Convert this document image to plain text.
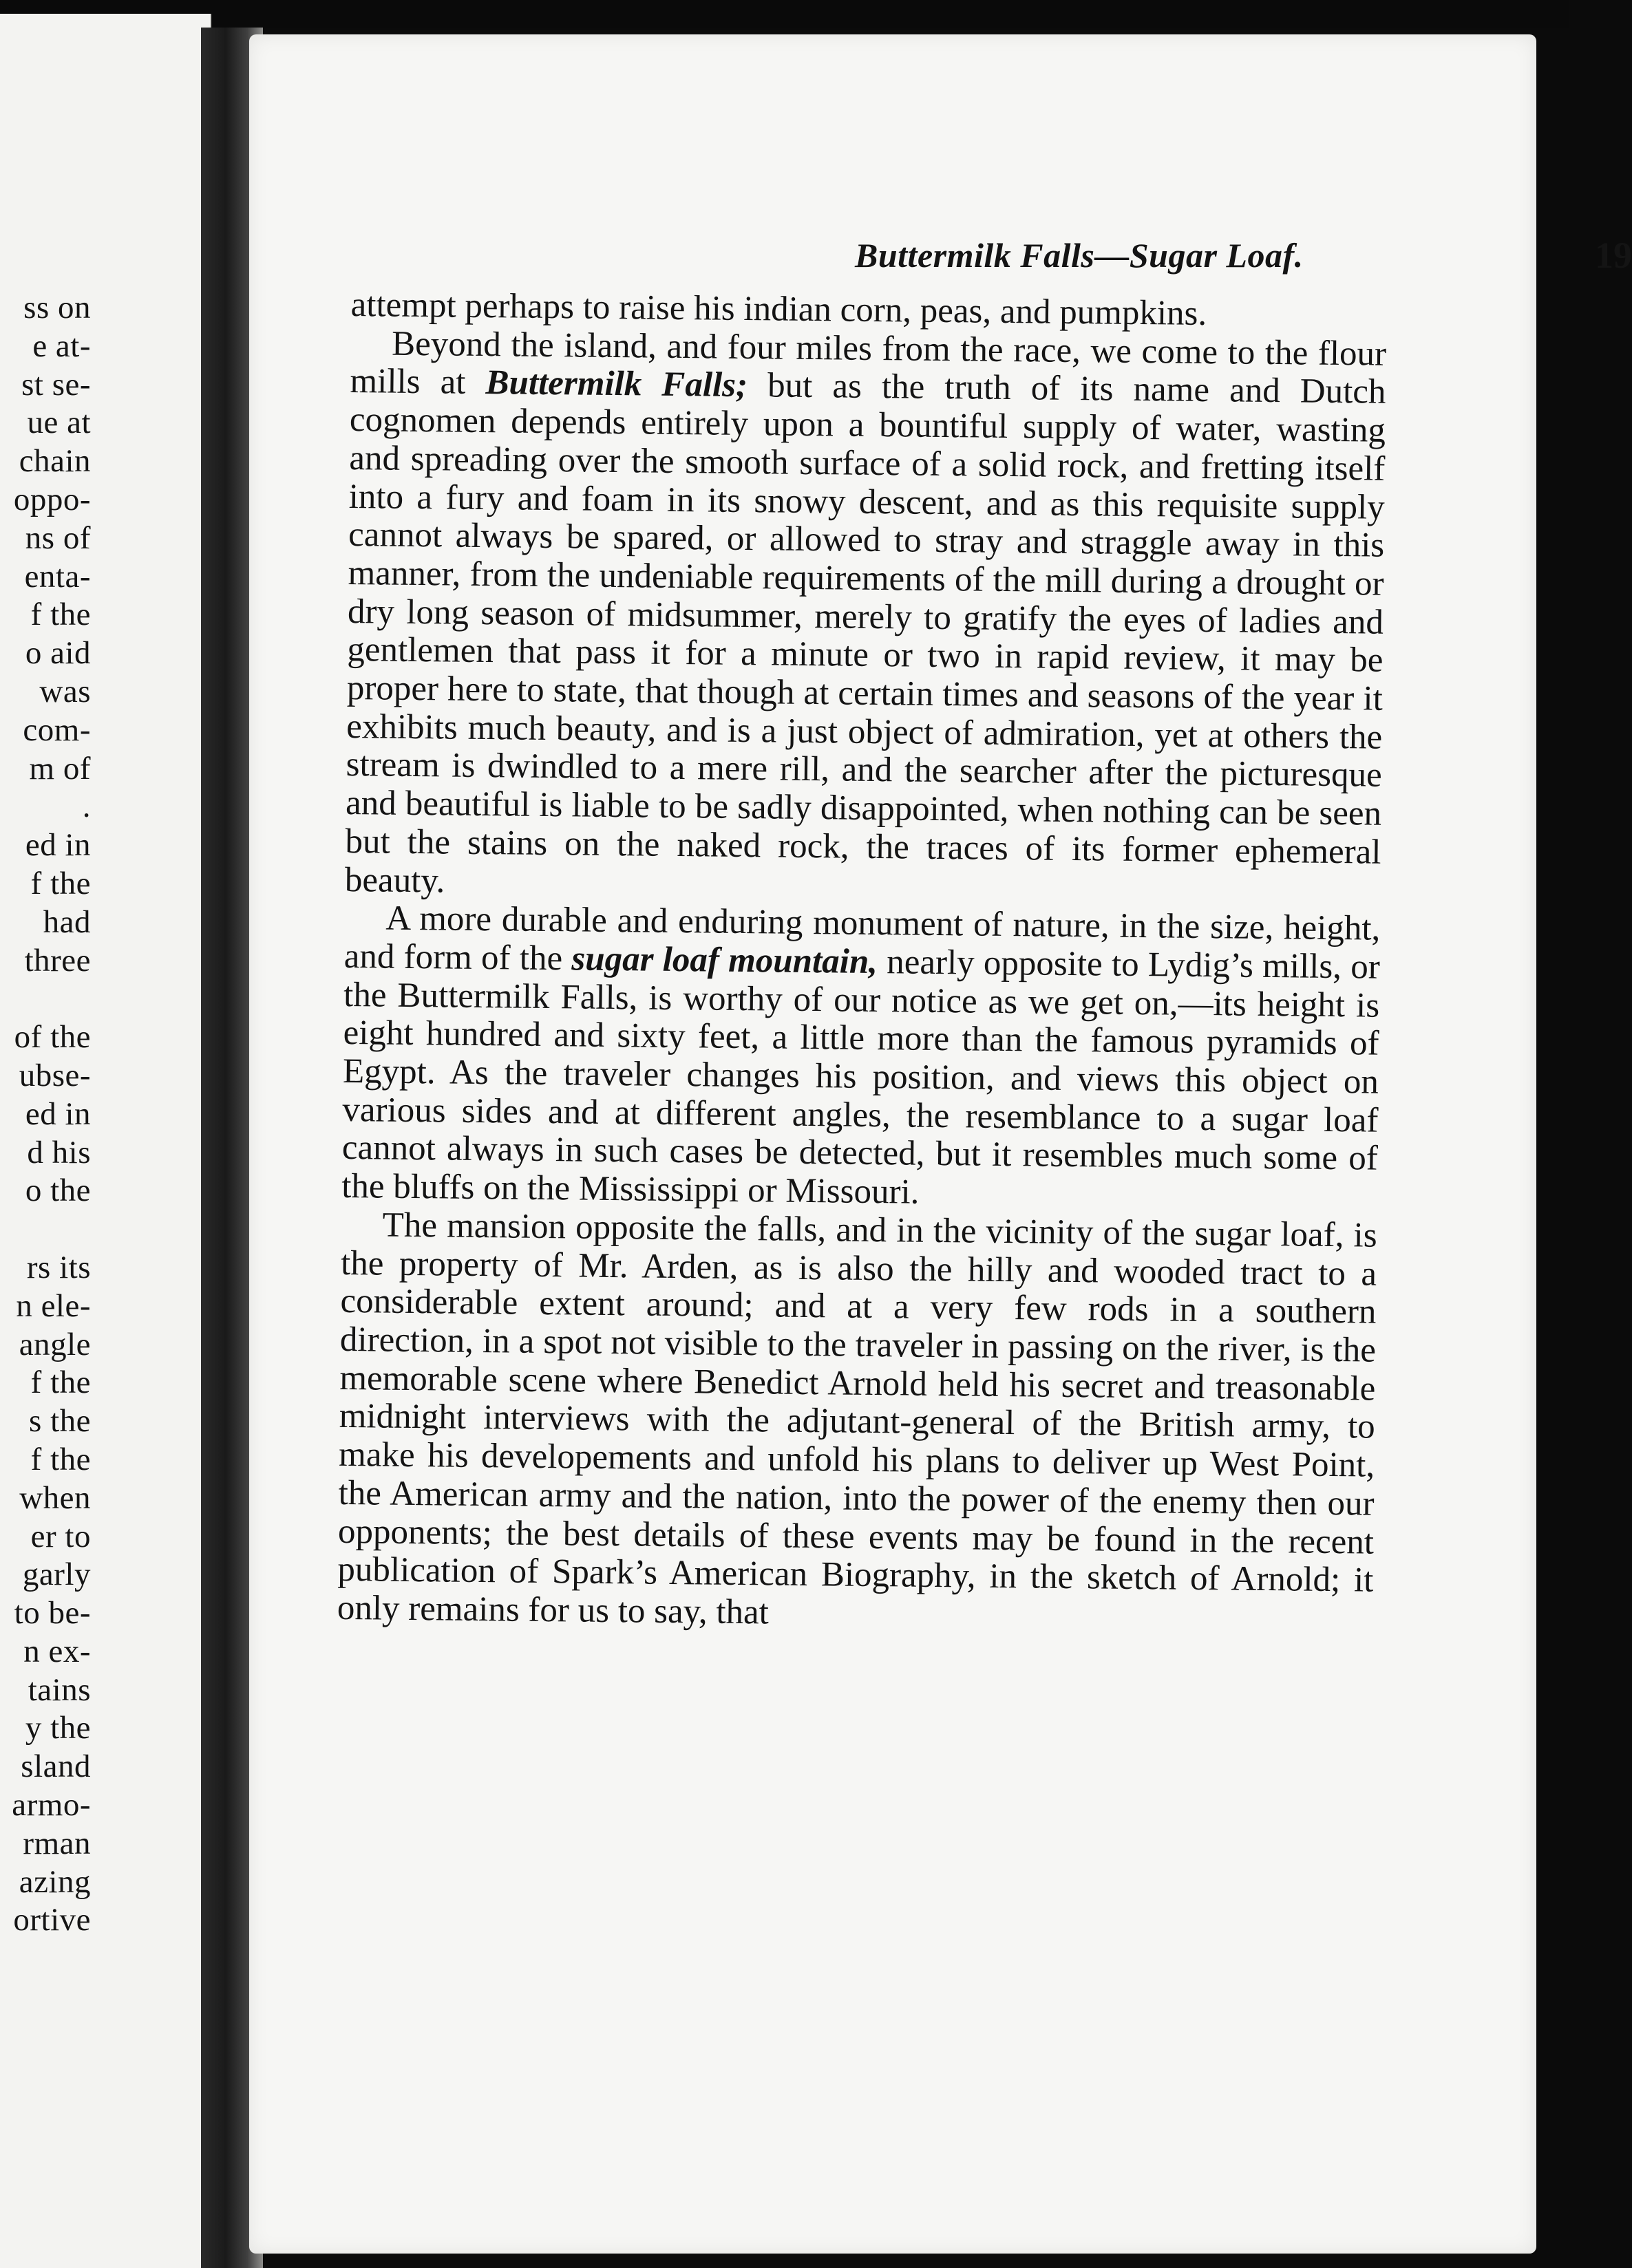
ss on
e at-
st se-
ue at
chain
oppo-
ns of
enta-
f the
o aid
was
com-
m of
.
ed in
f the
had
three
of the
ubse-
ed in
d his
o the
rs its
n ele-
angle
f the
s the
f the
when
er to
garly
to be-
n ex-
tains
y the
sland
armo-
rman
azing
ortive
Buttermilk Falls—Sugar Loaf.	19

attempt perhaps to raise his indian corn, peas, and pumpkins.

Beyond the island, and four miles from the race, we come to the flour mills at Buttermilk Falls; but as the truth of its name and Dutch cognomen depends entirely upon a bountiful supply of water, wasting and spreading over the smooth surface of a solid rock, and fretting itself into a fury and foam in its snowy descent, and as this requisite supply cannot always be spared, or allowed to stray and straggle away in this manner, from the undeniable requirements of the mill during a drought or dry long season of midsummer, merely to gratify the eyes of ladies and gentlemen that pass it for a minute or two in rapid review, it may be proper here to state, that though at certain times and seasons of the year it exhibits much beauty, and is a just object of admiration, yet at others the stream is dwindled to a mere rill, and the searcher after the picturesque and beautiful is liable to be sadly disappointed, when nothing can be seen but the stains on the naked rock, the traces of its former ephemeral beauty.

A more durable and enduring monument of nature, in the size, height, and form of the sugar loaf mountain, nearly opposite to Lydig’s mills, or the Buttermilk Falls, is worthy of our notice as we get on,—its height is eight hundred and sixty feet, a little more than the famous pyramids of Egypt. As the traveler changes his position, and views this object on various sides and at different angles, the resemblance to a sugar loaf cannot always in such cases be detected, but it resembles much some of the bluffs on the Mississippi or Missouri.

The mansion opposite the falls, and in the vicinity of the sugar loaf, is the property of Mr. Arden, as is also the hilly and wooded tract to a considerable extent around; and at a very few rods in a southern direction, in a spot not visible to the traveler in passing on the river, is the memorable scene where Benedict Arnold held his secret and treasonable midnight interviews with the adjutant-general of the British army, to make his developements and unfold his plans to deliver up West Point, the American army and the nation, into the power of the enemy then our opponents; the best details of these events may be found in the recent publication of Spark’s American Biography, in the sketch of Arnold; it only remains for us to say, that
